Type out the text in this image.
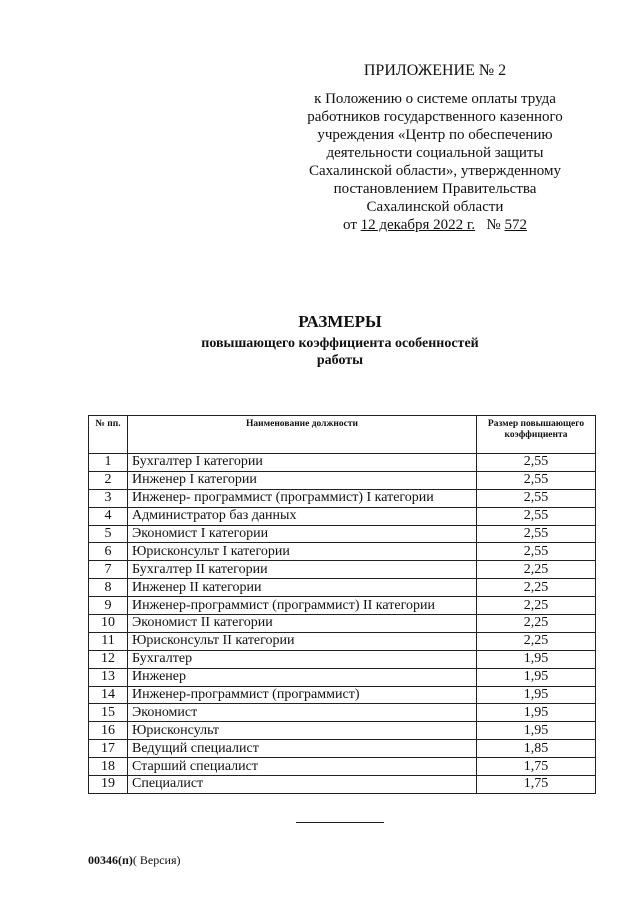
ПРИЛОЖЕНИЕ № 2
к Положению о системе оплаты труда
работников государственного казенного
учреждения «Центр по обеспечению
деятельности социальной защиты
Сахалинской области», утвержденному
постановлением Правительства
Сахалинской области
от 12 декабря 2022 г. № 572
РАЗМЕРЫ
повышающего коэффициента особенностей
работы
№ пп.	Наименование должности	Размер повышающего коэффициента
1	Бухгалтер I категории	2,55
2	Инженер I категории	2,55
3	Инженер- программист (программист) I категории	2,55
4	Администратор баз данных	2,55
5	Экономист I категории	2,55
6	Юрисконсульт I категории	2,55
7	Бухгалтер II категории	2,25
8	Инженер II категории	2,25
9	Инженер-программист (программист) II категории	2,25
10	Экономист II категории	2,25
11	Юрисконсульт II категории	2,25
12	Бухгалтер	1,95
13	Инженер	1,95
14	Инженер-программист (программист)	1,95
15	Экономист	1,95
16	Юрисконсульт	1,95
17	Ведущий специалист	1,85
18	Старший специалист	1,75
19	Специалист	1,75
00346(п)( Версия)
